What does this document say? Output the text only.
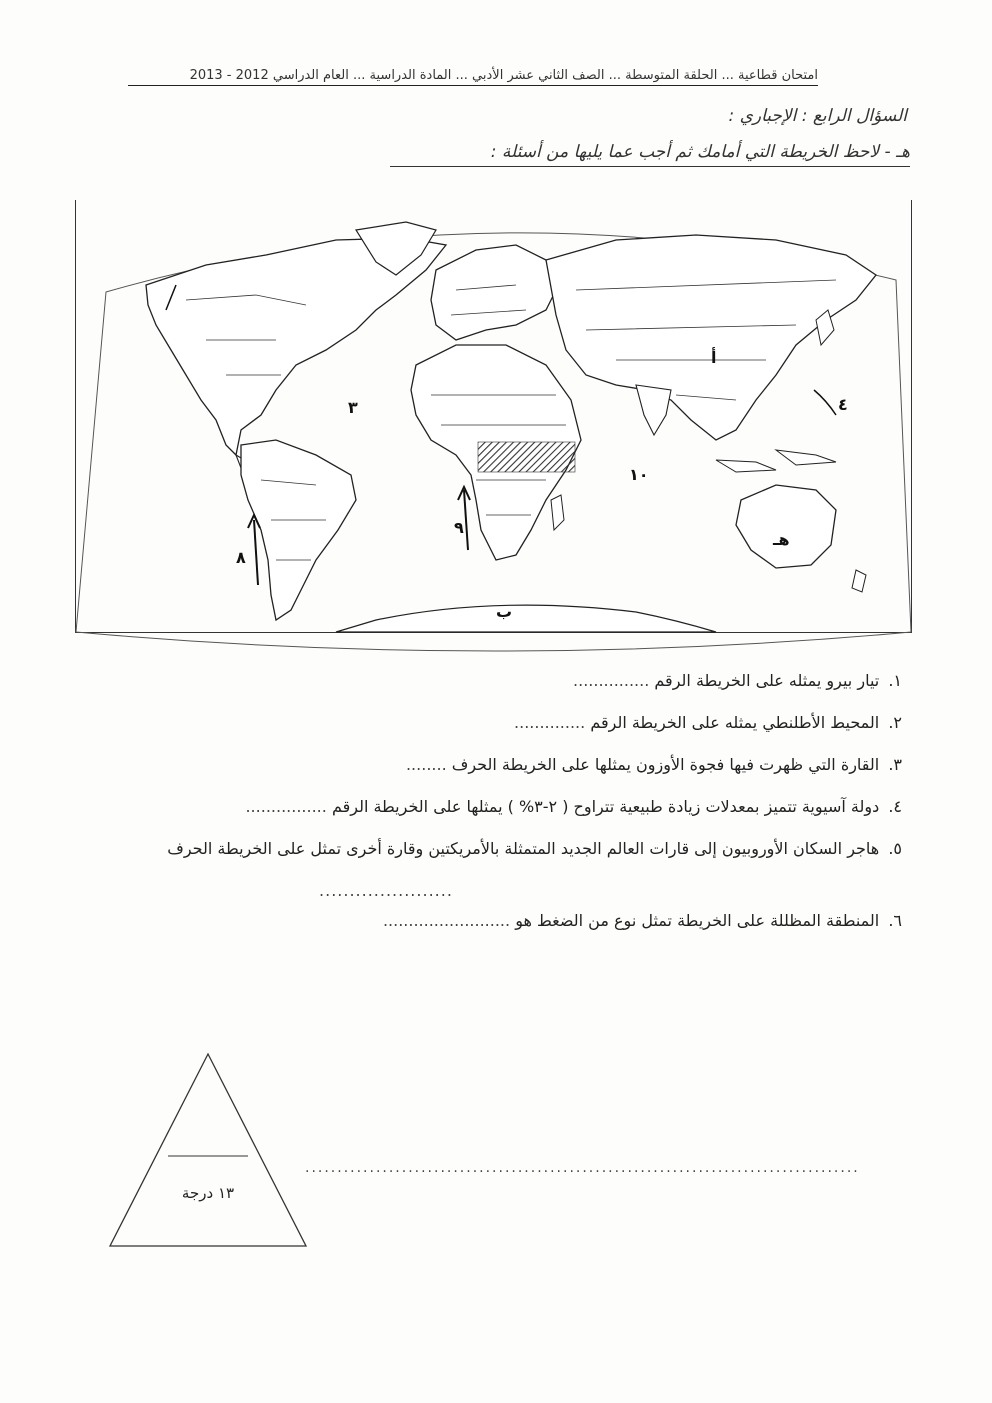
امتحان قطاعية ... الحلقة المتوسطة ... الصف الثاني عشر الأدبي ... المادة الدراسية ... العام الدراسي 2012 - 2013
السؤال الرابع : الإجباري :
هـ - لاحظ الخريطة التي أمامك ثم أجب عما يليها من أسئلة :
٣
٨
٩
١٠
أ
هـ
٤
ب
١. تيار بيرو يمثله على الخريطة الرقم ...............
٢. المحيط الأطلنطي يمثله على الخريطة الرقم ..............
٣. القارة التي ظهرت فيها فجوة الأوزون يمثلها على الخريطة الحرف ........
٤. دولة آسيوية تتميز بمعدلات زيادة طبيعية تتراوح ( ٢-٣% ) يمثلها على الخريطة الرقم ................
٥. هاجر السكان الأوروبيون إلى قارات العالم الجديد المتمثلة بالأمريكتين وقارة أخرى تمثل على الخريطة الحرف
......................
٦. المنطقة المظللة على الخريطة تمثل نوع من الضغط هو .........................
١٣ درجة
......................................................................................
